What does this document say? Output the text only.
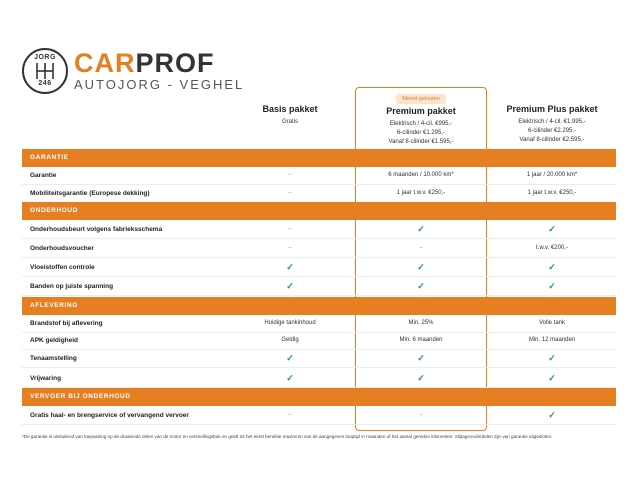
JORG
246
CARPROF
AUTOJORG - VEGHEL
Meest gekozen
Basis pakket
Gratis
Premium pakket
Elektrisch / 4-cil. €995,-
6-cilinder €1.295,-
Vanaf 8-cilinder €1.595,-
Premium Plus pakket
Elektrisch / 4-cil. €1.995,-
6-cilinder €2.295,-
Vanaf 8-cilinder €2.595,-
GARANTIE
Garantie	–	6 maanden / 10.000 km*	1 jaar / 20.000 km*
Mobiliteitsgarantie (Europese dekking)	–	1 jaar t.w.v. €250,-	1 jaar t.w.v. €250,-
ONDERHOUD
Onderhoudsbeurt volgens fabrieksschema	–	✓	✓
Onderhoudsvoucher	–	–	t.w.v. €200,-
Vloeistoffen controle	✓	✓	✓
Banden op juiste spanning	✓	✓	✓
AFLEVERING
Brandstof bij aflevering	Huidige tankinhoud	Min. 25%	Volle tank
APK geldigheid	Geldig	Min. 6 maanden	Min. 12 maanden
Tenaamstelling	✓	✓	✓
Vrijwaring	✓	✓	✓
VERVOER BIJ ONDERHOUD
Gratis haal- en brengservice of vervangend vervoer	–	–	✓
*De garantie is uitsluitend van toepassing op de draaiende delen van de motor en versnellingsbak en geldt tot het eerst bereikte maximum van de aangegeven looptijd in maanden of het aantal gereden kilometers. Slijtageonderdelen zijn van garantie uitgesloten.
